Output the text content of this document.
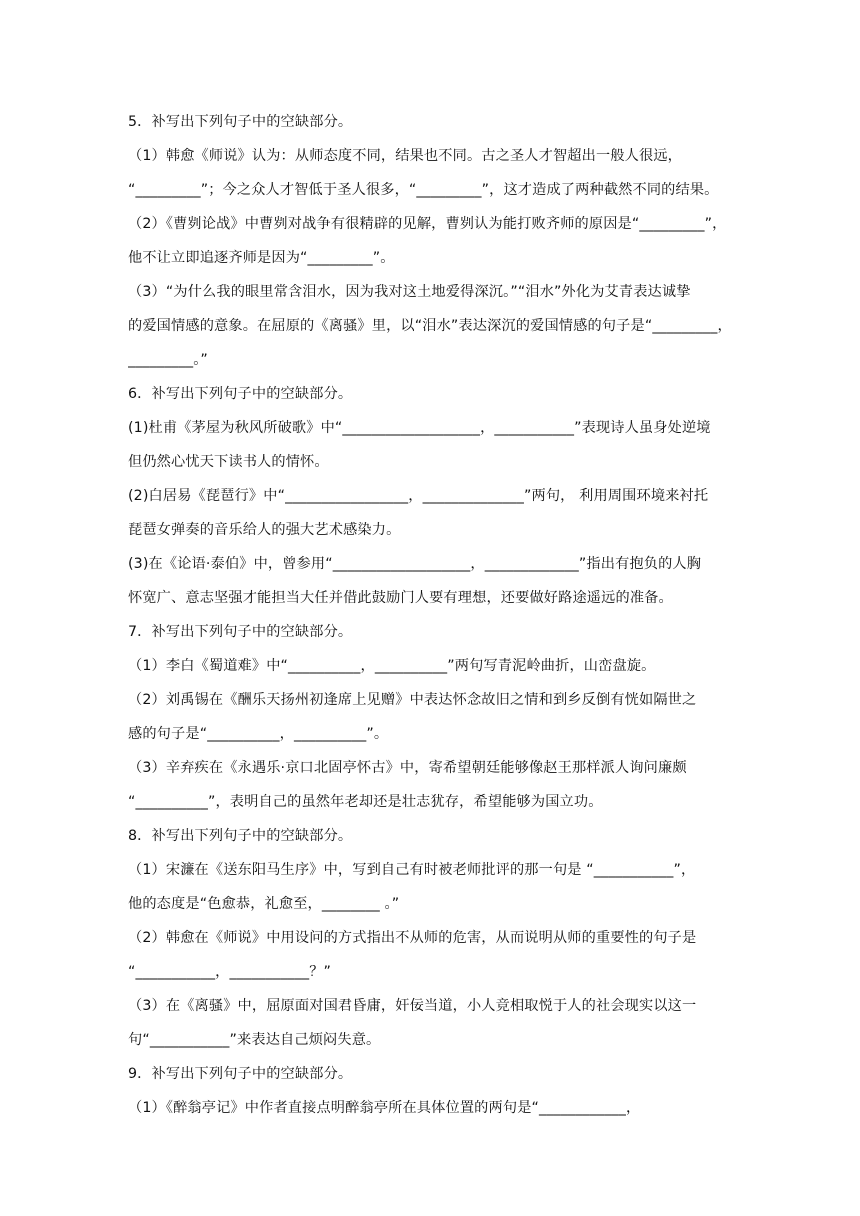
5．补写出下列句子中的空缺部分。
（1）韩愈《师说》认为：从师态度不同，结果也不同。古之圣人才智超出一般人很远，
“_________”；今之众人才智低于圣人很多，“_________”，这才造成了两种截然不同的结果。
（2）《曹刿论战》中曹刿对战争有很精辟的见解，曹刿认为能打败齐师的原因是“_________”，
他不让立即追逐齐师是因为“_________”。
（3）“为什么我的眼里常含泪水，因为我对这土地爱得深沉。”“泪水”外化为艾青表达诚挚
的爱国情感的意象。在屈原的《离骚》里，以“泪水”表达深沉的爱国情感的句子是“_________，
_________。”
6．补写出下列句子中的空缺部分。
(1)杜甫《茅屋为秋风所破歌》中“___________________，___________”表现诗人虽身处逆境
但仍然心忧天下读书人的情怀。
(2)白居易《琵琶行》中“_________________，______________”两句， 利用周围环境来衬托
琵琶女弹奏的音乐给人的强大艺术感染力。
(3)在《论语·泰伯》中，曾参用“___________________，_____________”指出有抱负的人胸
怀宽广、意志坚强才能担当大任并借此鼓励门人要有理想，还要做好路途遥远的准备。
7．补写出下列句子中的空缺部分。
（1）李白《蜀道难》中“__________，__________”两句写青泥岭曲折，山峦盘旋。
（2）刘禹锡在《酬乐天扬州初逢席上见赠》中表达怀念故旧之情和到乡反倒有恍如隔世之
感的句子是“__________，__________”。
（3）辛弃疾在《永遇乐·京口北固亭怀古》中，寄希望朝廷能够像赵王那样派人询问廉颇
“__________”，表明自己的虽然年老却还是壮志犹存，希望能够为国立功。
8．补写出下列句子中的空缺部分。
（1）宋濂在《送东阳马生序》中，写到自己有时被老师批评的那一句是 “___________”，
他的态度是“色愈恭，礼愈至，________ 。”
（2）韩愈在《师说》中用设问的方式指出不从师的危害，从而说明从师的重要性的句子是
“___________，___________？”
（3）在《离骚》中，屈原面对国君昏庸，奸佞当道，小人竞相取悦于人的社会现实以这一
句“___________”来表达自己烦闷失意。
9．补写出下列句子中的空缺部分。
（1）《醉翁亭记》中作者直接点明醉翁亭所在具体位置的两句是“____________，
